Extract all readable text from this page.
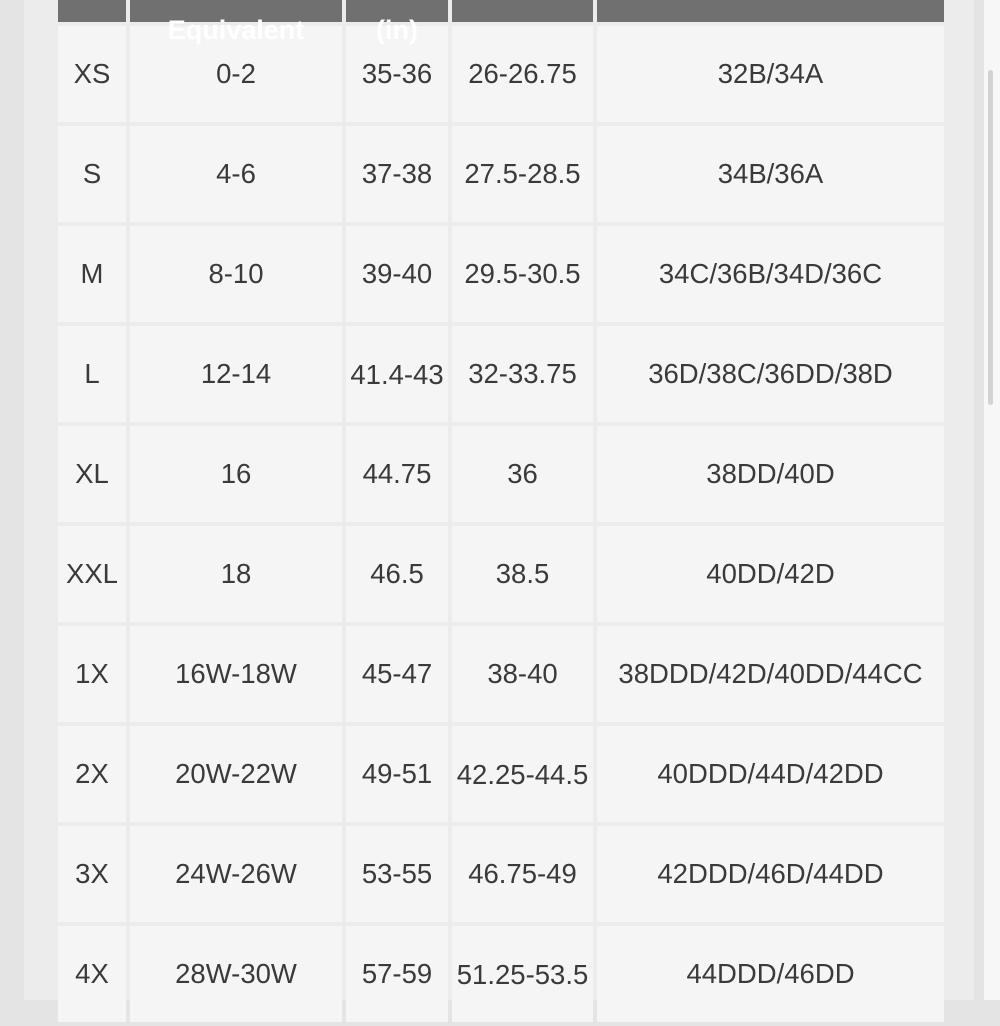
	Equivalent	(in)		

XS	0-2	35-36	26-26.75	32B/34A
S	4-6	37-38	27.5-28.5	34B/36A
M	8-10	39-40	29.5-30.5	34C/36B/34D/36C
L	12-14	41.4-43	32-33.75	36D/38C/36DD/38D
XL	16	44.75	36	38DD/40D
XXL	18	46.5	38.5	40DD/42D
1X	16W-18W	45-47	38-40	38DDD/42D/40DD/44CC
2X	20W-22W	49-51	42.25-44.5	40DDD/44D/42DD
3X	24W-26W	53-55	46.75-49	42DDD/46D/44DD
4X	28W-30W	57-59	51.25-53.5	44DDD/46DD
